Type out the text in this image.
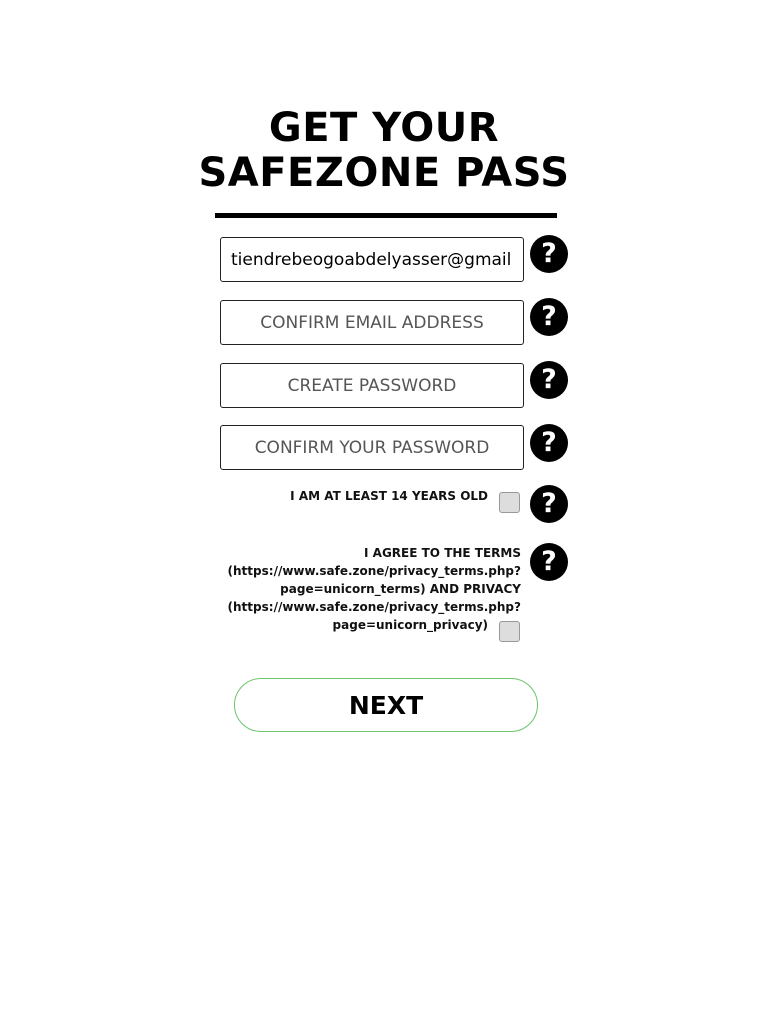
GET YOUR
SAFEZONE PASS
tiendrebeogoabdelyasser@gmail.
?
CONFIRM EMAIL ADDRESS
?
?
?
I AM AT LEAST 14 YEARS OLD	?
I AGREE TO THE TERMS
(https://www.safe.zone/privacy_terms.php?
page=unicorn_terms) AND PRIVACY
(https://www.safe.zone/privacy_terms.php?
page=unicorn_privacy)
?
NEXT
